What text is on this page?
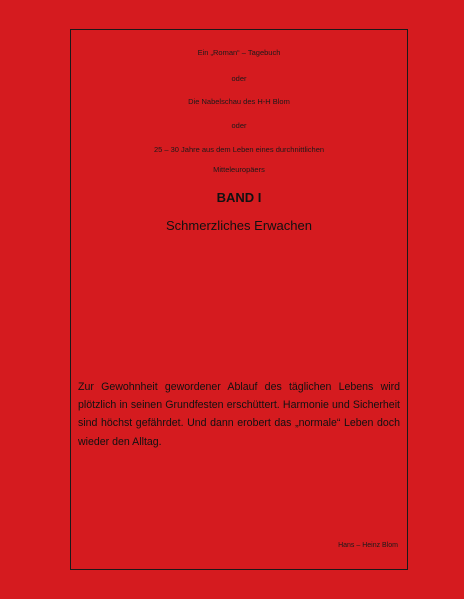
Ein „Roman“ – Tagebuch
oder
Die Nabelschau des H-H Blom
oder
25 – 30 Jahre aus dem Leben eines durchnittlichen
Mitteleuropäers
BAND I
Schmerzliches Erwachen
Zur Gewohnheit gewordener Ablauf des täglichen Lebens wird plötzlich in seinen Grundfesten erschüttert. Harmonie und Sicherheit sind höchst gefährdet. Und dann erobert das „normale“ Leben doch wieder den Alltag.
Hans – Heinz Blom
